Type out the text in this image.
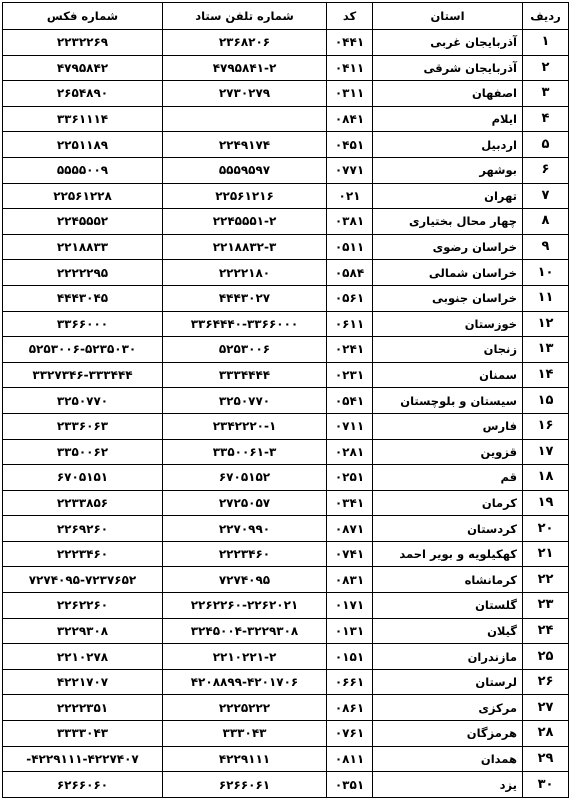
ردیف	استان	کد	شماره تلفن ستاد	شماره فکس
۱	آذربایجان غربی	۰۴۴۱	۲۳۶۸۲۰۶	۲۲۳۲۲۶۹
۲	آذربایجان شرقی	۰۴۱۱	۴۷۹۵۸۴۱-۲	۴۷۹۵۸۴۲
۳	اصفهان	۰۳۱۱	۲۷۳۰۲۷۹	۲۶۵۴۸۹۰
۴	ایلام	۰۸۴۱		۳۳۶۱۱۱۴
۵	اردبیل	۰۴۵۱	۲۲۴۹۱۷۴	۲۲۵۱۱۸۹
۶	بوشهر	۰۷۷۱	۵۵۵۹۵۹۷	۵۵۵۵۰۰۹
۷	تهران	۰۲۱	۲۲۵۶۱۲۱۶	۲۲۵۶۱۲۲۸
۸	چهار محال بختیاری	۰۳۸۱	۲۲۴۵۵۵۱-۲	۲۲۴۵۵۵۲
۹	خراسان رضوی	۰۵۱۱	۲۲۱۸۸۳۲-۳	۲۲۱۸۸۳۳
۱۰	خراسان شمالی	۰۵۸۴	۲۲۲۲۱۸۰	۲۲۲۲۲۹۵
۱۱	خراسان جنوبی	۰۵۶۱	۴۴۴۳۰۲۷	۴۴۴۳۰۴۵
۱۲	خوزستان	۰۶۱۱	۳۳۶۴۴۴۰-۳۳۶۶۰۰۰	۳۳۶۶۰۰۰
۱۳	زنجان	۰۲۴۱	۵۲۵۳۰۰۶	۵۲۵۳۰۰۶-۵۲۳۵۰۳۰
۱۴	سمنان	۰۲۳۱	۳۳۳۴۴۴۴	۳۳۲۷۳۴۶-۳۳۳۴۴۴
۱۵	سیستان و بلوچستان	۰۵۴۱	۳۲۵۰۷۷۰	۳۲۵۰۷۷۰
۱۶	فارس	۰۷۱۱	۲۳۴۲۲۲۰-۱	۲۳۳۶۰۶۳
۱۷	قزوین	۰۲۸۱	۳۳۵۰۰۶۱-۳	۳۳۵۰۰۶۲
۱۸	قم	۰۲۵۱	۶۷۰۵۱۵۲	۶۷۰۵۱۵۱
۱۹	کرمان	۰۳۴۱	۲۷۲۵۰۵۷	۲۲۳۳۸۵۶
۲۰	کردستان	۰۸۷۱	۲۲۷۰۹۹۰	۲۲۶۹۲۶۰
۲۱	کهکیلویه و بویر احمد	۰۷۴۱	۲۲۲۳۴۶۰	۲۲۲۳۴۶۰
۲۲	کرمانشاه	۰۸۳۱	۷۲۷۴۰۹۵	۷۲۷۴۰۹۵-۷۲۳۷۶۵۲
۲۳	گلستان	۰۱۷۱	۲۲۶۲۲۶۰-۲۲۶۲۰۲۱	۲۲۶۲۲۶۰
۲۴	گیلان	۰۱۳۱	۳۲۴۵۰۰۴-۳۲۲۹۳۰۸	۳۲۲۹۳۰۸
۲۵	مازندران	۰۱۵۱	۲۲۱۰۲۲۱-۲	۲۲۱۰۲۷۸
۲۶	لرستان	۰۶۶۱	۴۲۰۸۸۹۹-۴۲۰۱۷۰۶	۴۲۲۱۷۰۷
۲۷	مرکزی	۰۸۶۱	۲۲۲۵۲۲۲	۲۲۲۲۳۵۱
۲۸	هرمزگان	۰۷۶۱	۳۳۳۰۴۳	۳۳۳۳۰۴۳
۲۹	همدان	۰۸۱۱	۴۲۲۹۱۱۱	۴۲۲۹۱۱۱-۴۲۲۷۴۰۷-
۳۰	یزد	۰۳۵۱	۶۲۶۶۰۶۱	۶۲۶۶۰۶۰
